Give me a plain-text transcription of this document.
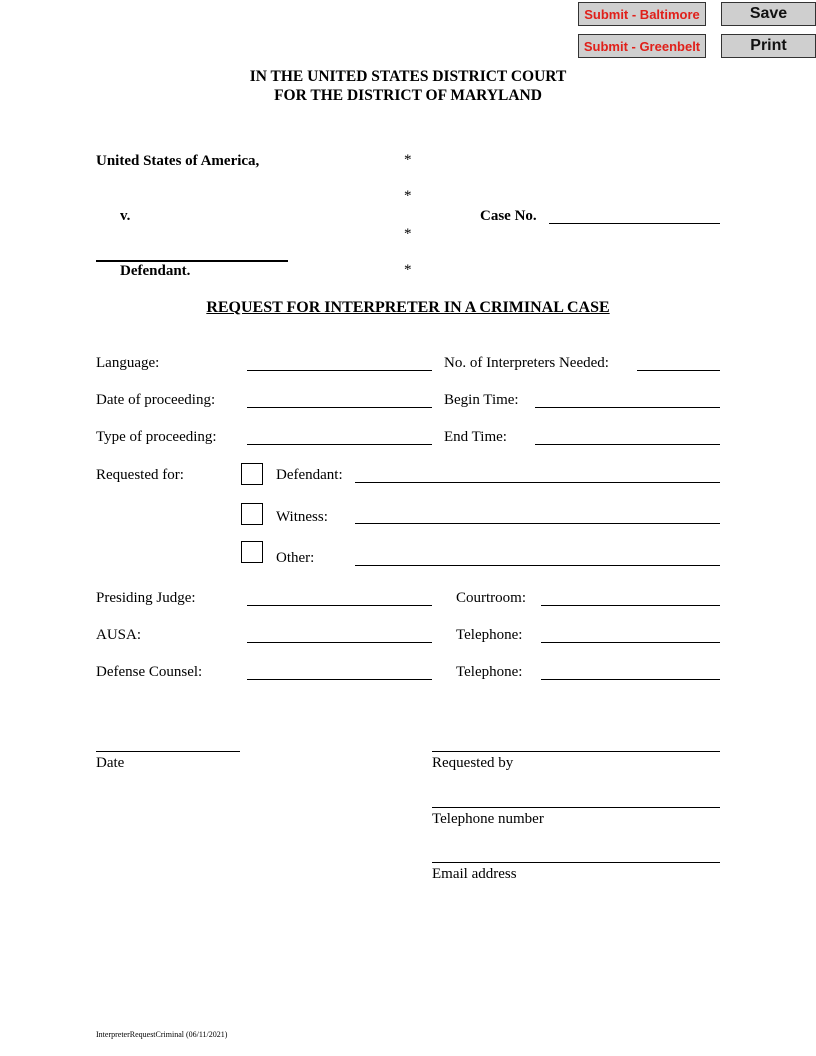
Submit - Baltimore
Submit - Greenbelt
Save
Print
IN THE UNITED STATES DISTRICT COURT
FOR THE DISTRICT OF MARYLAND
United States of America,	*
*
*
*
v.	Case No.
Defendant.
REQUEST FOR INTERPRETER IN A CRIMINAL CASE
Language:	No. of Interpreters Needed:
Date of proceeding:	Begin Time:
Type of proceeding:	End Time:
Requested for:	Defendant:
Witness:
Other:
Presiding Judge:	Courtroom:
AUSA:	Telephone:
Defense Counsel:	Telephone:
Date	Requested by
Telephone number
Email address
InterpreterRequestCriminal (06/11/2021)
